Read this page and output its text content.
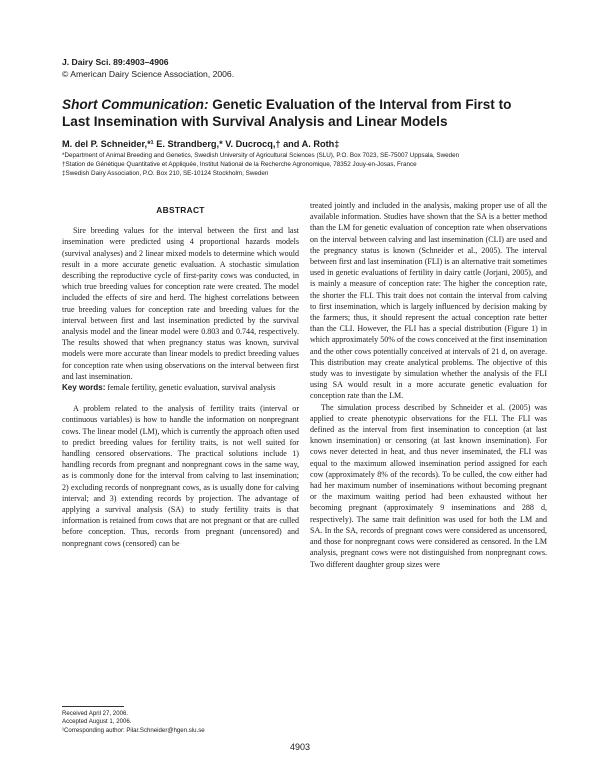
J. Dairy Sci. 89:4903–4906
© American Dairy Science Association, 2006.
Short Communication: Genetic Evaluation of the Interval from First to Last Insemination with Survival Analysis and Linear Models
M. del P. Schneider,*¹ E. Strandberg,* V. Ducrocq,† and A. Roth‡
*Department of Animal Breeding and Genetics, Swedish University of Agricultural Sciences (SLU), P.O. Box 7023, SE-75007 Uppsala, Sweden
†Station de Génétique Quantitative et Appliquée, Institut National de la Recherche Agronomique, 78352 Jouy-en-Josas, France
‡Swedish Dairy Association, P.O. Box 210, SE-10124 Stockholm, Sweden
ABSTRACT

Sire breeding values for the interval between the first and last insemination were predicted using 4 proportional hazards models (survival analyses) and 2 linear mixed models to determine which would result in a more accurate genetic evaluation. A stochastic simulation describing the reproductive cycle of first-parity cows was conducted, in which true breeding values for conception rate were created. The model included the effects of sire and herd. The highest correlations between true breeding values for conception rate and breeding values for the interval between first and last insemination predicted by the survival analysis model and the linear model were 0.803 and 0.744, respectively. The results showed that when pregnancy status was known, survival models were more accurate than linear models to predict breeding values for conception rate when using observations on the interval between first and last insemination.

Key words: female fertility, genetic evaluation, survival analysis

A problem related to the analysis of fertility traits (interval or continuous variables) is how to handle the information on nonpregnant cows. The linear model (LM), which is currently the approach often used to predict breeding values for fertility traits, is not well suited for handling censored observations. The practical solutions include 1) handling records from pregnant and nonpregnant cows in the same way, as is commonly done for the interval from calving to last insemination; 2) excluding records of nonpregnant cows, as is usually done for calving interval; and 3) extending records by projection. The advantage of applying a survival analysis (SA) to study fertility traits is that information is retained from cows that are not pregnant or that are culled before conception. Thus, records from pregnant (uncensored) and nonpregnant cows (censored) can be

treated jointly and included in the analysis, making proper use of all the available information. Studies have shown that the SA is a better method than the LM for genetic evaluation of conception rate when observations on the interval between calving and last insemination (CLI) are used and the pregnancy status is known (Schneider et al., 2005). The interval between first and last insemination (FLI) is an alternative trait sometimes used in genetic evaluations of fertility in dairy cattle (Jorjani, 2005), and is mainly a measure of conception rate: The higher the conception rate, the shorter the FLI. This trait does not contain the interval from calving to first insemination, which is largely influenced by decision making by the farmers; thus, it should represent the actual conception rate better than the CLI. However, the FLI has a special distribution (Figure 1) in which approximately 50% of the cows conceived at the first insemination and the other cows potentially conceived at intervals of 21 d, on average. This distribution may create analytical problems. The objective of this study was to investigate by simulation whether the analysis of the FLI using SA would result in a more accurate genetic evaluation for conception rate than the LM.

The simulation process described by Schneider et al. (2005) was applied to create phenotypic observations for the FLI. The FLI was defined as the interval from first insemination to conception (at last known insemination) or censoring (at last known insemination). For cows never detected in heat, and thus never inseminated, the FLI was equal to the maximum allowed insemination period assigned for each cow (approximately 8% of the records). To be culled, the cow either had had her maximum number of inseminations without becoming pregnant or the maximum waiting period had been exhausted without her becoming pregnant (approximately 9 inseminations and 288 d, respectively). The same trait definition was used for both the LM and SA. In the SA, records of pregnant cows were considered as uncensored, and those for nonpregnant cows were considered as censored. In the LM analysis, pregnant cows were not distinguished from nonpregnant cows. Two different daughter group sizes were

Received April 27, 2006.
Accepted August 1, 2006.
¹Corresponding author: Pilar.Schneider@hgen.slu.se
4903
